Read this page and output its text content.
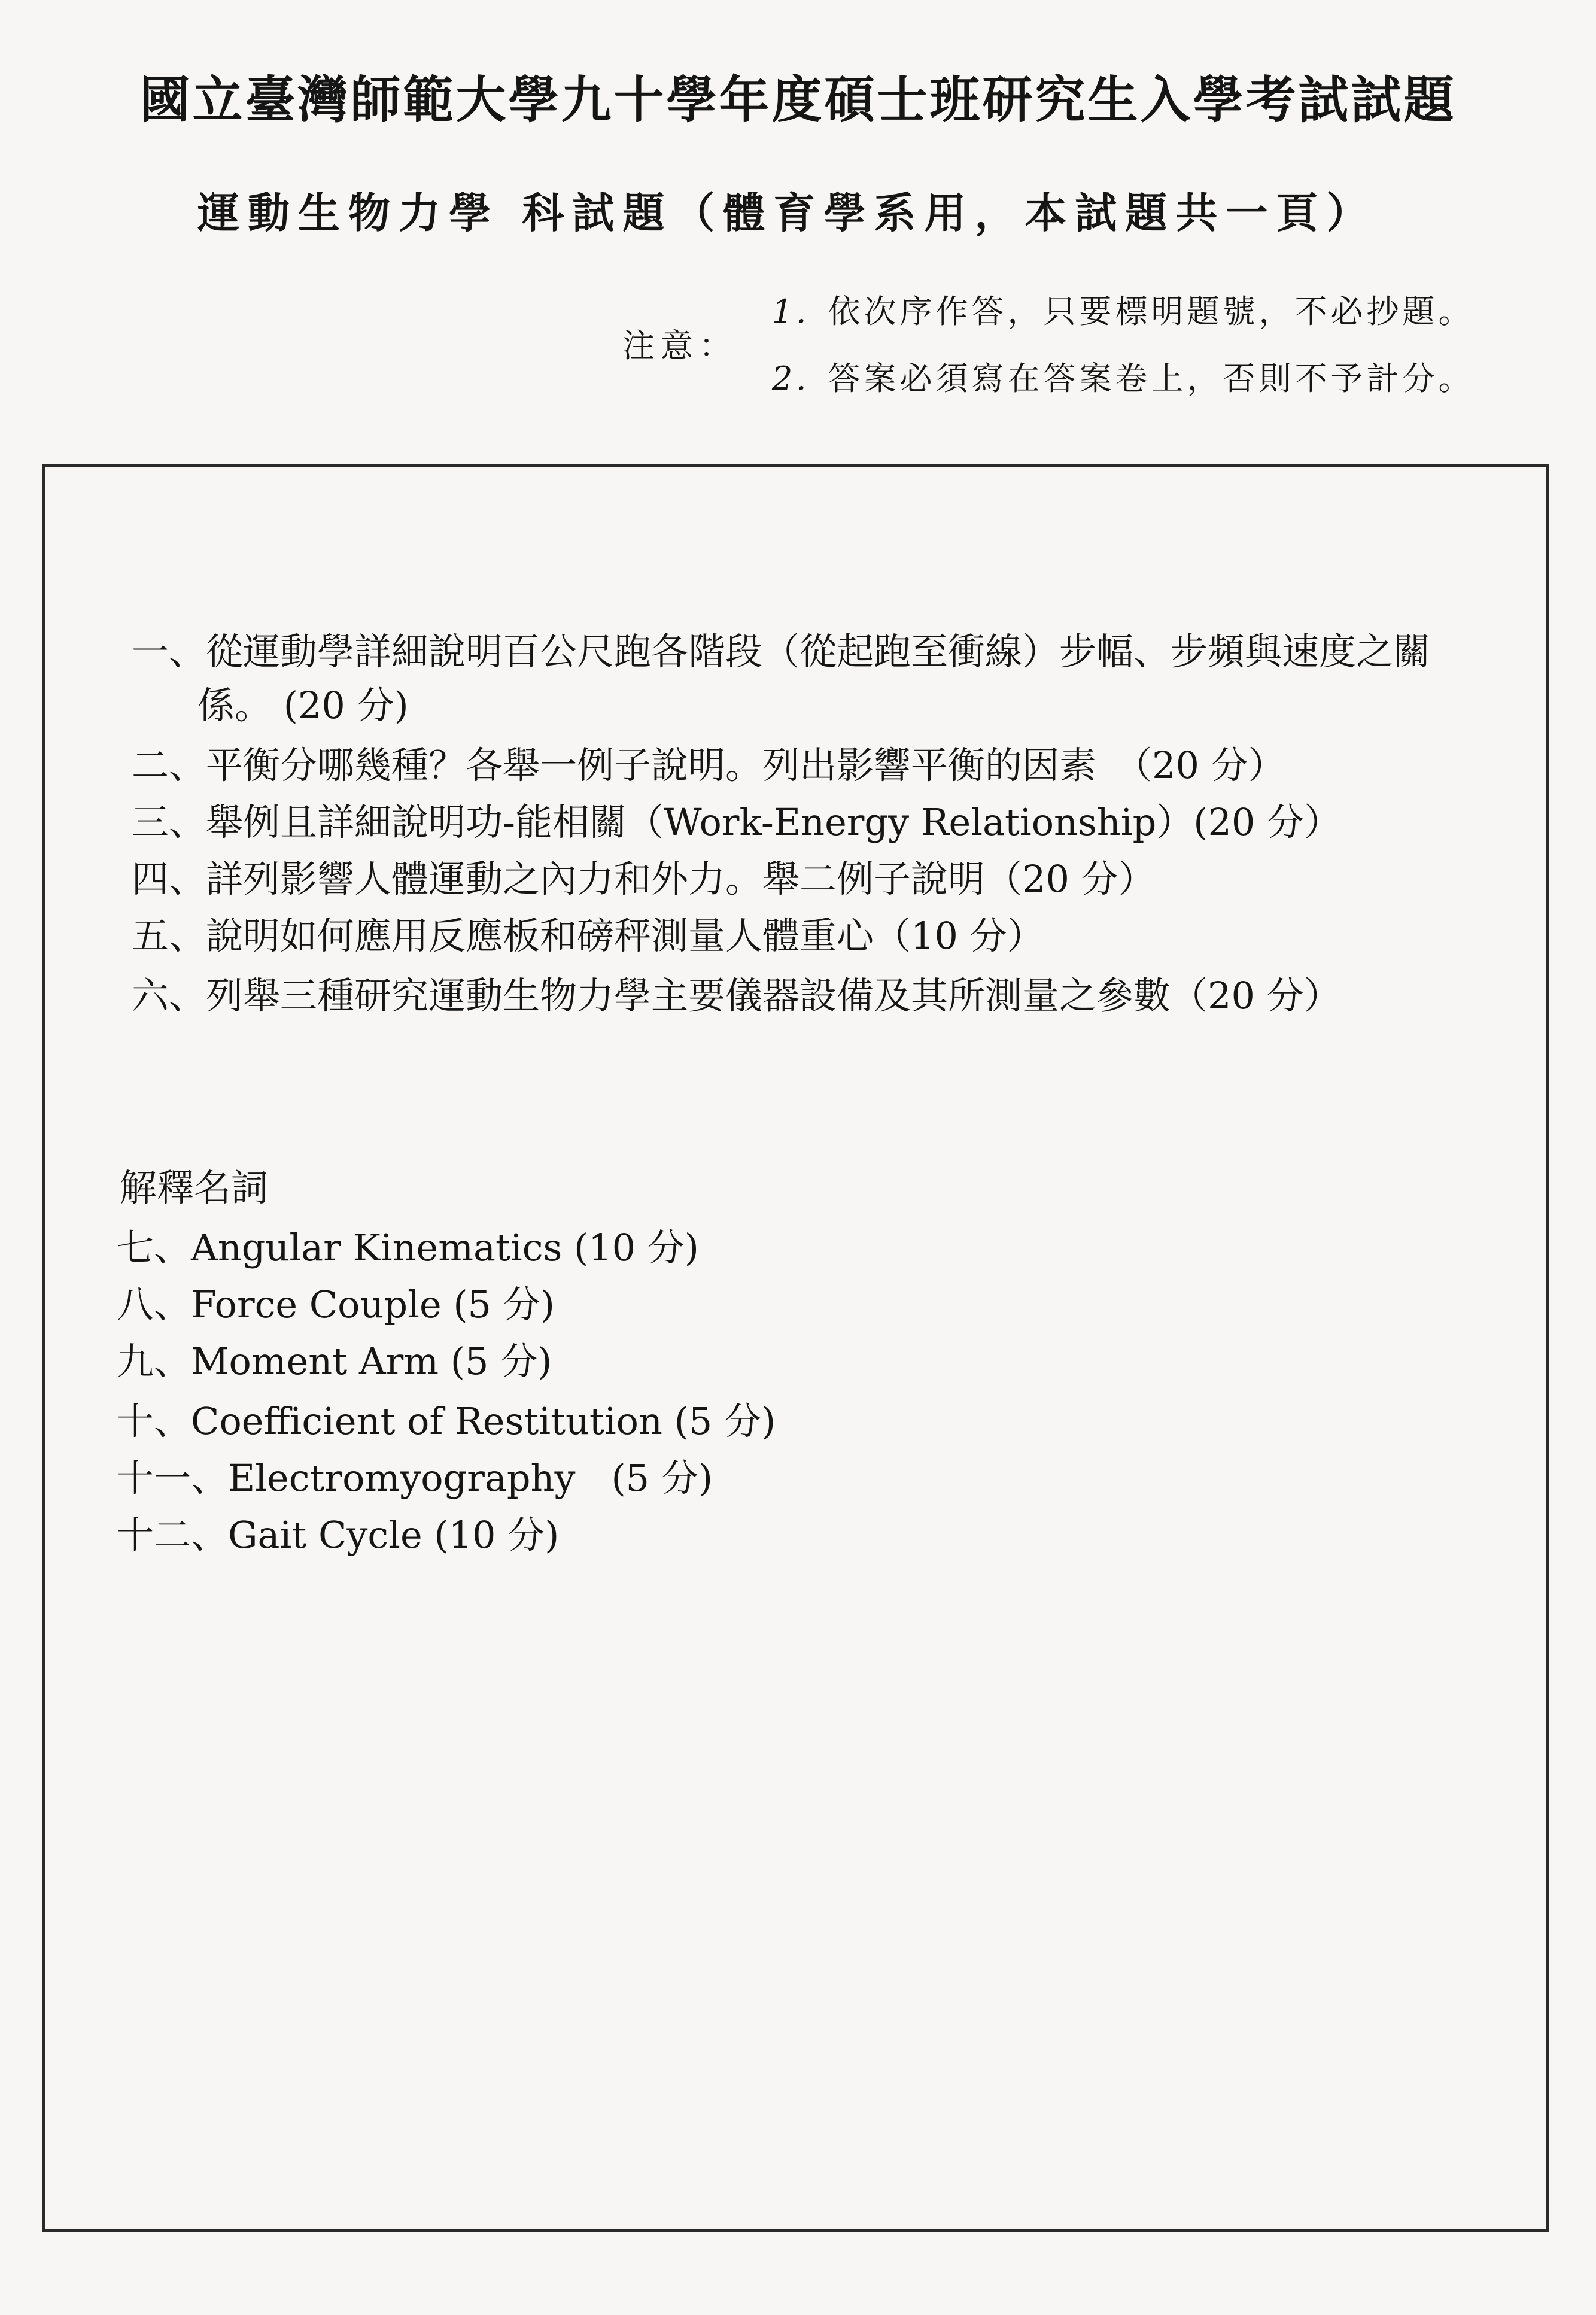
國立臺灣師範大學九十學年度碩士班研究生入學考試試題
運動生物力學 科試題（體育學系用，本試題共一頁）
注意：
1. 依次序作答，只要標明題號，不必抄題。
2. 答案必須寫在答案卷上，否則不予計分。
一、從運動學詳細說明百公尺跑各階段（從起跑至衝線）步幅、步頻與速度之關
係。 (20 分)
二、平衡分哪幾種？各舉一例子說明。列出影響平衡的因素　（20 分）
三、舉例且詳細說明功-能相關（Work-Energy Relationship）(20 分）
四、詳列影響人體運動之內力和外力。舉二例子說明（20 分）
五、說明如何應用反應板和磅秤測量人體重心（10 分）
六、列舉三種研究運動生物力學主要儀器設備及其所測量之參數（20 分）
解釋名詞
七、Angular Kinematics (10 分)
八、Force Couple (5 分)
九、Moment Arm (5 分)
十、Coefficient of Restitution (5 分)
十一、Electromyography (5 分)
十二、Gait Cycle (10 分)
